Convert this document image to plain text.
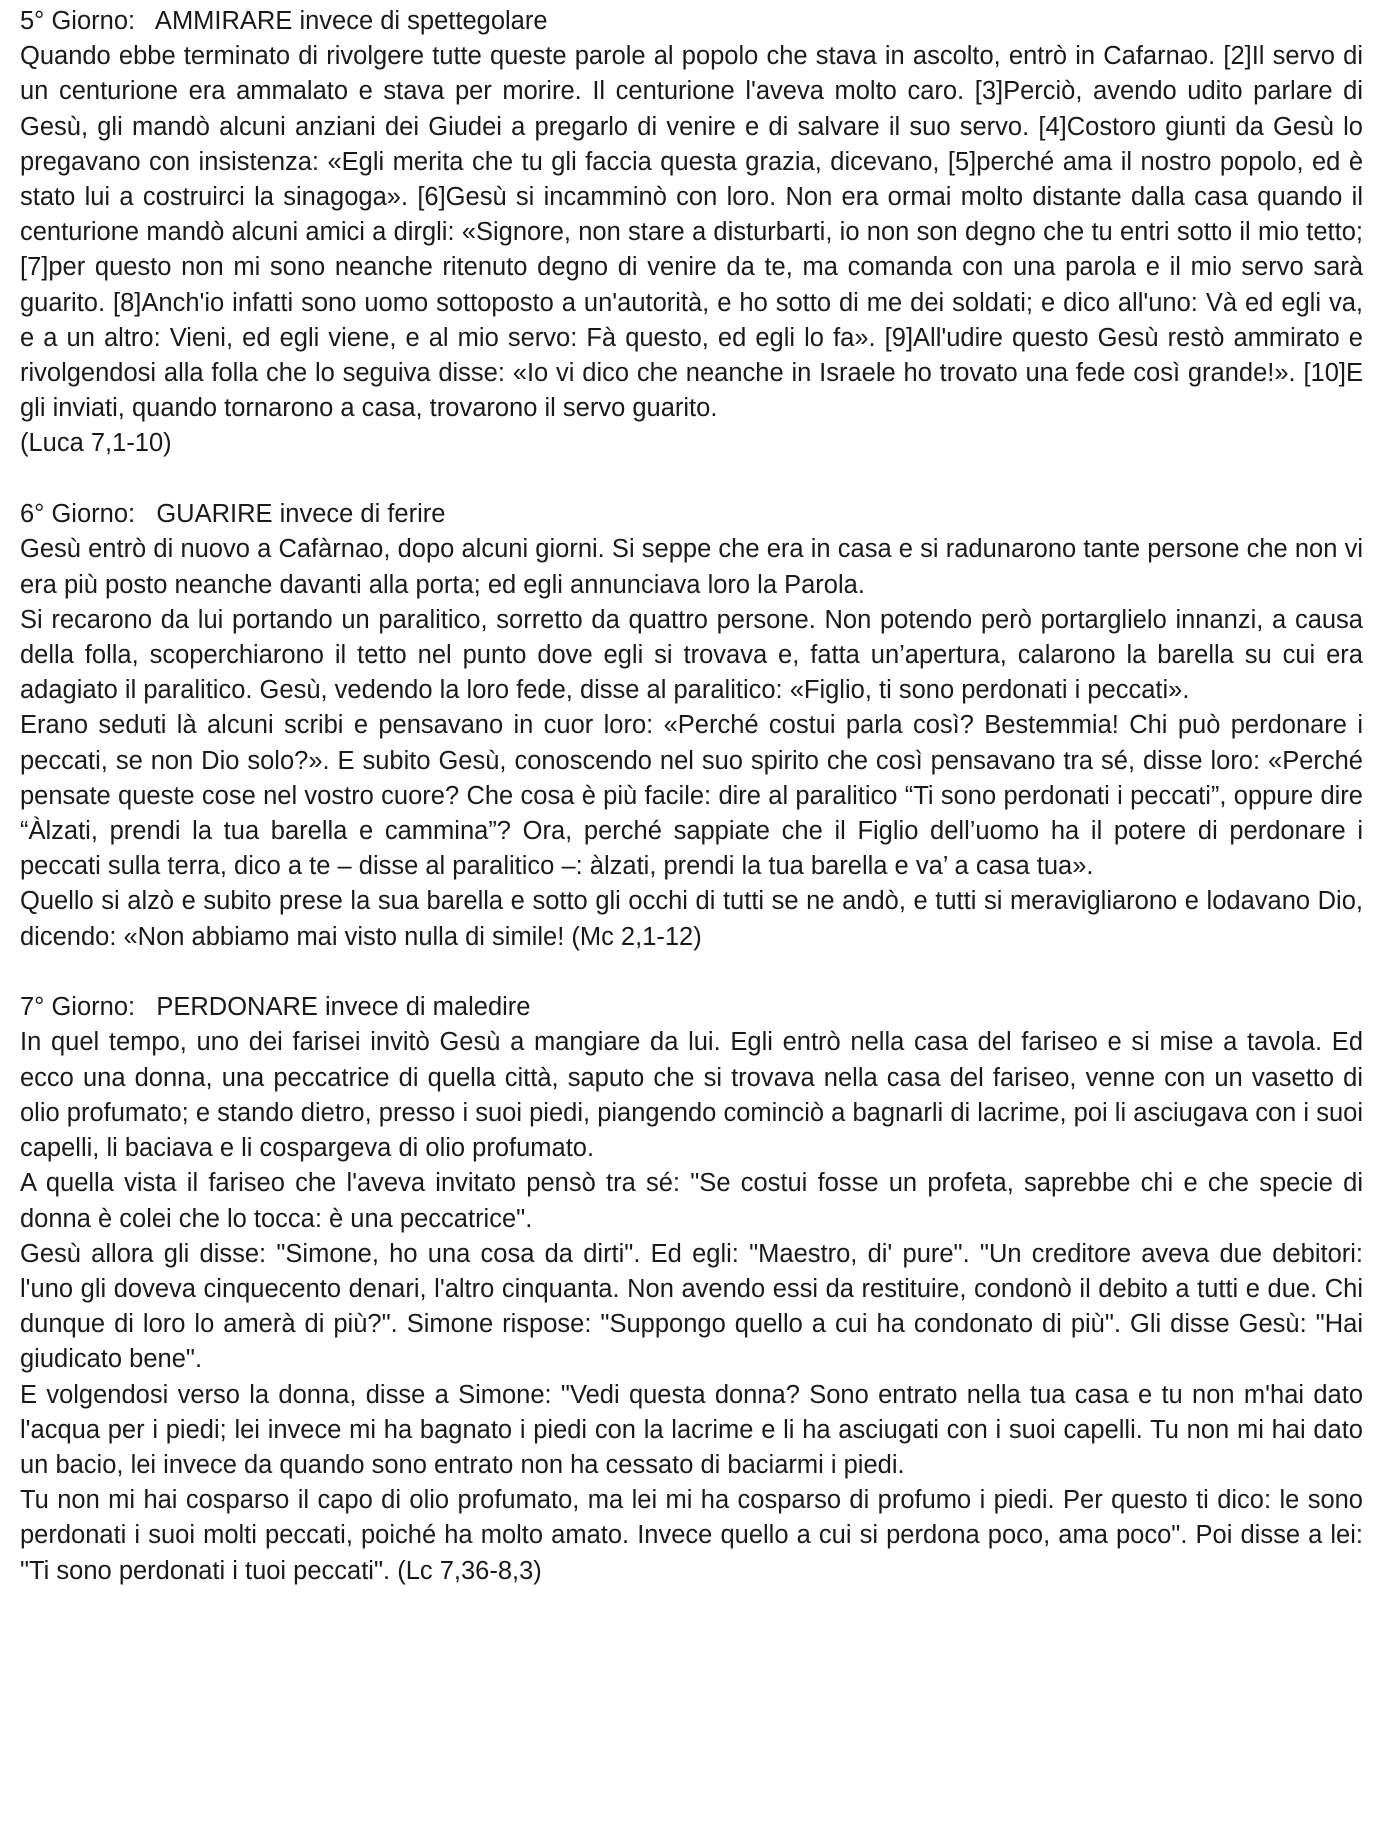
5° Giorno:   AMMIRARE invece di spettegolare
Quando ebbe terminato di rivolgere tutte queste parole al popolo che stava in ascolto, entrò in Cafarnao. [2]Il servo di un centurione era ammalato e stava per morire. Il centurione l'aveva molto caro. [3]Perciò, avendo udito parlare di Gesù, gli mandò alcuni anziani dei Giudei a pregarlo di venire e di salvare il suo servo. [4]Costoro giunti da Gesù lo pregavano con insistenza: «Egli merita che tu gli faccia questa grazia, dicevano, [5]perché ama il nostro popolo, ed è stato lui a costruirci la sinagoga». [6]Gesù si incamminò con loro. Non era ormai molto distante dalla casa quando il centurione mandò alcuni amici a dirgli: «Signore, non stare a disturbarti, io non son degno che tu entri sotto il mio tetto; [7]per questo non mi sono neanche ritenuto degno di venire da te, ma comanda con una parola e il mio servo sarà guarito. [8]Anch'io infatti sono uomo sottoposto a un'autorità, e ho sotto di me dei soldati; e dico all'uno: Và ed egli va, e a un altro: Vieni, ed egli viene, e al mio servo: Fà questo, ed egli lo fa». [9]All'udire questo Gesù restò ammirato e rivolgendosi alla folla che lo seguiva disse: «Io vi dico che neanche in Israele ho trovato una fede così grande!». [10]E gli inviati, quando tornarono a casa, trovarono il servo guarito.
(Luca 7,1-10)
6° Giorno:   GUARIRE invece di ferire
Gesù entrò di nuovo a Cafàrnao, dopo alcuni giorni. Si seppe che era in casa e si radunarono tante persone che non vi era più posto neanche davanti alla porta; ed egli annunciava loro la Parola.
Si recarono da lui portando un paralitico, sorretto da quattro persone. Non potendo però portarglielo innanzi, a causa della folla, scoperchiarono il tetto nel punto dove egli si trovava e, fatta un’apertura, calarono la barella su cui era adagiato il paralitico. Gesù, vedendo la loro fede, disse al paralitico: «Figlio, ti sono perdonati i peccati».
Erano seduti là alcuni scribi e pensavano in cuor loro: «Perché costui parla così? Bestemmia! Chi può perdonare i peccati, se non Dio solo?». E subito Gesù, conoscendo nel suo spirito che così pensavano tra sé, disse loro: «Perché pensate queste cose nel vostro cuore? Che cosa è più facile: dire al paralitico “Ti sono perdonati i peccati”, oppure dire “Àlzati, prendi la tua barella e cammina”? Ora, perché sappiate che il Figlio dell’uomo ha il potere di perdonare i peccati sulla terra, dico a te – disse al paralitico –: àlzati, prendi la tua barella e va’ a casa tua».
Quello si alzò e subito prese la sua barella e sotto gli occhi di tutti se ne andò, e tutti si meravigliarono e lodavano Dio, dicendo: «Non abbiamo mai visto nulla di simile! (Mc 2,1-12)
7° Giorno:   PERDONARE invece di maledire
In quel tempo, uno dei farisei invitò Gesù a mangiare da lui. Egli entrò nella casa del fariseo e si mise a tavola. Ed ecco una donna, una peccatrice di quella città, saputo che si trovava nella casa del fariseo, venne con un vasetto di olio profumato; e stando dietro, presso i suoi piedi, piangendo cominciò a bagnarli di lacrime, poi li asciugava con i suoi capelli, li baciava e li cospargeva di olio profumato.
A quella vista il fariseo che l'aveva invitato pensò tra sé: "Se costui fosse un profeta, saprebbe chi e che specie di donna è colei che lo tocca: è una peccatrice".
Gesù allora gli disse: "Simone, ho una cosa da dirti". Ed egli: "Maestro, di' pure". "Un creditore aveva due debitori: l'uno gli doveva cinquecento denari, l'altro cinquanta. Non avendo essi da restituire, condonò il debito a tutti e due. Chi dunque di loro lo amerà di più?". Simone rispose: "Suppongo quello a cui ha condonato di più". Gli disse Gesù: "Hai giudicato bene".
E volgendosi verso la donna, disse a Simone: "Vedi questa donna? Sono entrato nella tua casa e tu non m'hai dato l'acqua per i piedi; lei invece mi ha bagnato i piedi con la lacrime e li ha asciugati con i suoi capelli. Tu non mi hai dato un bacio, lei invece da quando sono entrato non ha cessato di baciarmi i piedi.
Tu non mi hai cosparso il capo di olio profumato, ma lei mi ha cosparso di profumo i piedi. Per questo ti dico: le sono perdonati i suoi molti peccati, poiché ha molto amato. Invece quello a cui si perdona poco, ama poco". Poi disse a lei: "Ti sono perdonati i tuoi peccati". (Lc 7,36-8,3)
